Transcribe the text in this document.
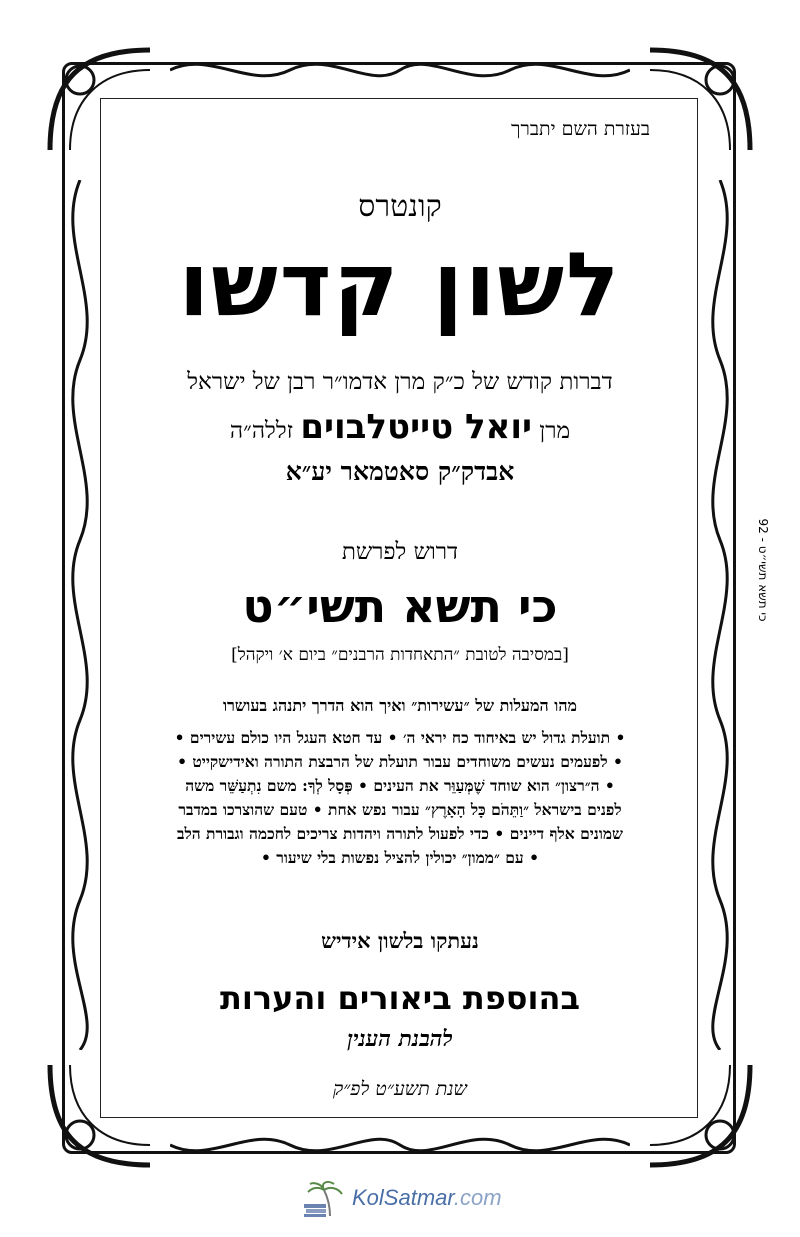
בעזרת השם יתברך

קונטרס

לשון קדשו

דברות קודש של כ״ק מרן אדמו״ר רבן של ישראל

מרן יואל טייטלבוים זללה״ה

אבדק״ק סאטמאר יע״א

דרוש לפרשת

כי תשא תשי״ט

[במסיבה לטובת ״התאחדות הרבנים״ ביום א׳ ויקהל]

מהו המעלות של ״עשירות״ ואיך הוא הדרך יתנהג בעושרו

• תועלת גדול יש באיחוד כח יראי ה׳ • עד חטא העגל היו כולם עשירים •

• לפעמים נעשים משוחדים עבור תועלת של הרבצת התורה ואידישקייט •

• ה״רצון״ הוא שוחד שֶׁמְּעַוֵּר את העינים • פְּסָל לְךָ: משם נִתְעַשֵּׁר משה

לפנים בישראל ״וַתֵּהֹם כָּל הָאָרֶץ״ עבור נפש אחת • טעם שהוצרכו במדבר

שמונים אלף דיינים • כדי לפעול לתורה ויהדות צריכים לחכמה וגבורת הלב

• עם ״ממון״ יכולין להציל נפשות בלי שיעור •

נעתקו בלשון אידיש

בהוספת ביאורים והערות

להבנת הענין

שנת תשע״ט לפ״ק

כי תשא תשי״ט - 92
KolSatmar.com
